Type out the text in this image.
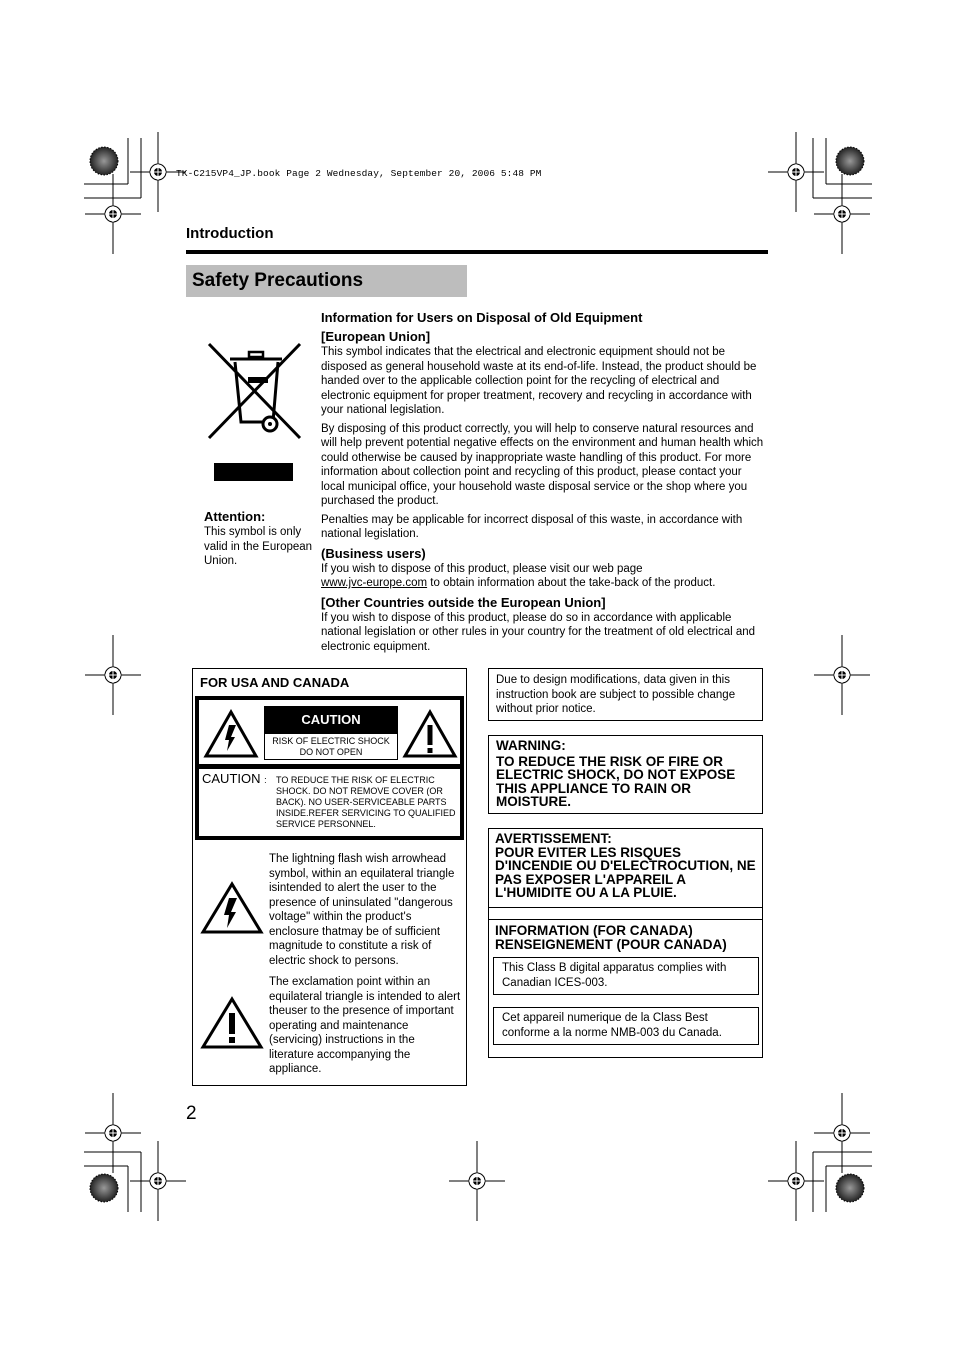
TK-C215VP4_JP.book Page 2 Wednesday, September 20, 2006 5:48 PM
Introduction
Safety Precautions
Attention:
This symbol is only valid in the European Union.
Information for Users on Disposal of Old Equipment
[European Union]

This symbol indicates that the electrical and electronic equipment should not be disposed as general household waste at its end-of-life. Instead, the product should be handed over to the applicable collection point for the recycling of electrical and electronic equipment for proper treatment, recovery and recycling in accordance with your national legislation.

By disposing of this product correctly, you will help to conserve natural resources and will help prevent potential negative effects on the environment and human health which could otherwise be caused by inappropriate waste handling of this product. For more information about collection point and recycling of this product, please contact your local municipal office, your household waste disposal service or the shop where you purchased the product.

Penalties may be applicable for incorrect disposal of this waste, in accordance with national legislation.

(Business users)

If you wish to dispose of this product, please visit our web page
www.jvc-europe.com to obtain information about the take-back of the product.

[Other Countries outside the European Union]

If you wish to dispose of this product, please do so in accordance with applicable national legislation or other rules in your country for the treatment of old electrical and electronic equipment.

FOR USA AND CANADA
CAUTION
RISK OF ELECTRIC SHOCK DO NOT OPEN
CAUTION : TO REDUCE THE RISK OF ELECTRIC SHOCK. DO NOT REMOVE COVER (OR BACK). NO USER-SERVICEABLE PARTS INSIDE.REFER SERVICING TO QUALIFIED SERVICE PERSONNEL.
The lightning flash wish arrowhead symbol, within an equilateral triangle isintended to alert the user to the presence of uninsulated "dangerous voltage" within the product's enclosure thatmay be of sufficient magnitude to constitute a risk of electric shock to persons.
The exclamation point within an equilateral triangle is intended to alert theuser to the presence of important operating and maintenance (servicing) instructions in the literature accompanying the appliance.
Due to design modifications, data given in this instruction book are subject to possible change without prior notice.
WARNING:
TO REDUCE THE RISK OF FIRE OR ELECTRIC SHOCK, DO NOT EXPOSE THIS APPLIANCE TO RAIN OR MOISTURE.
AVERTISSEMENT:
POUR EVITER LES RISQUES D'INCENDIE OU D'ELECTROCUTION, NE PAS EXPOSER L'APPAREIL A L'HUMIDITE OU A LA PLUIE.
INFORMATION (FOR CANADA)
RENSEIGNEMENT (POUR CANADA)
This Class B digital apparatus complies with Canadian ICES-003.
Cet appareil numerique de la Class Best conforme a la norme NMB-003 du Canada.
2
